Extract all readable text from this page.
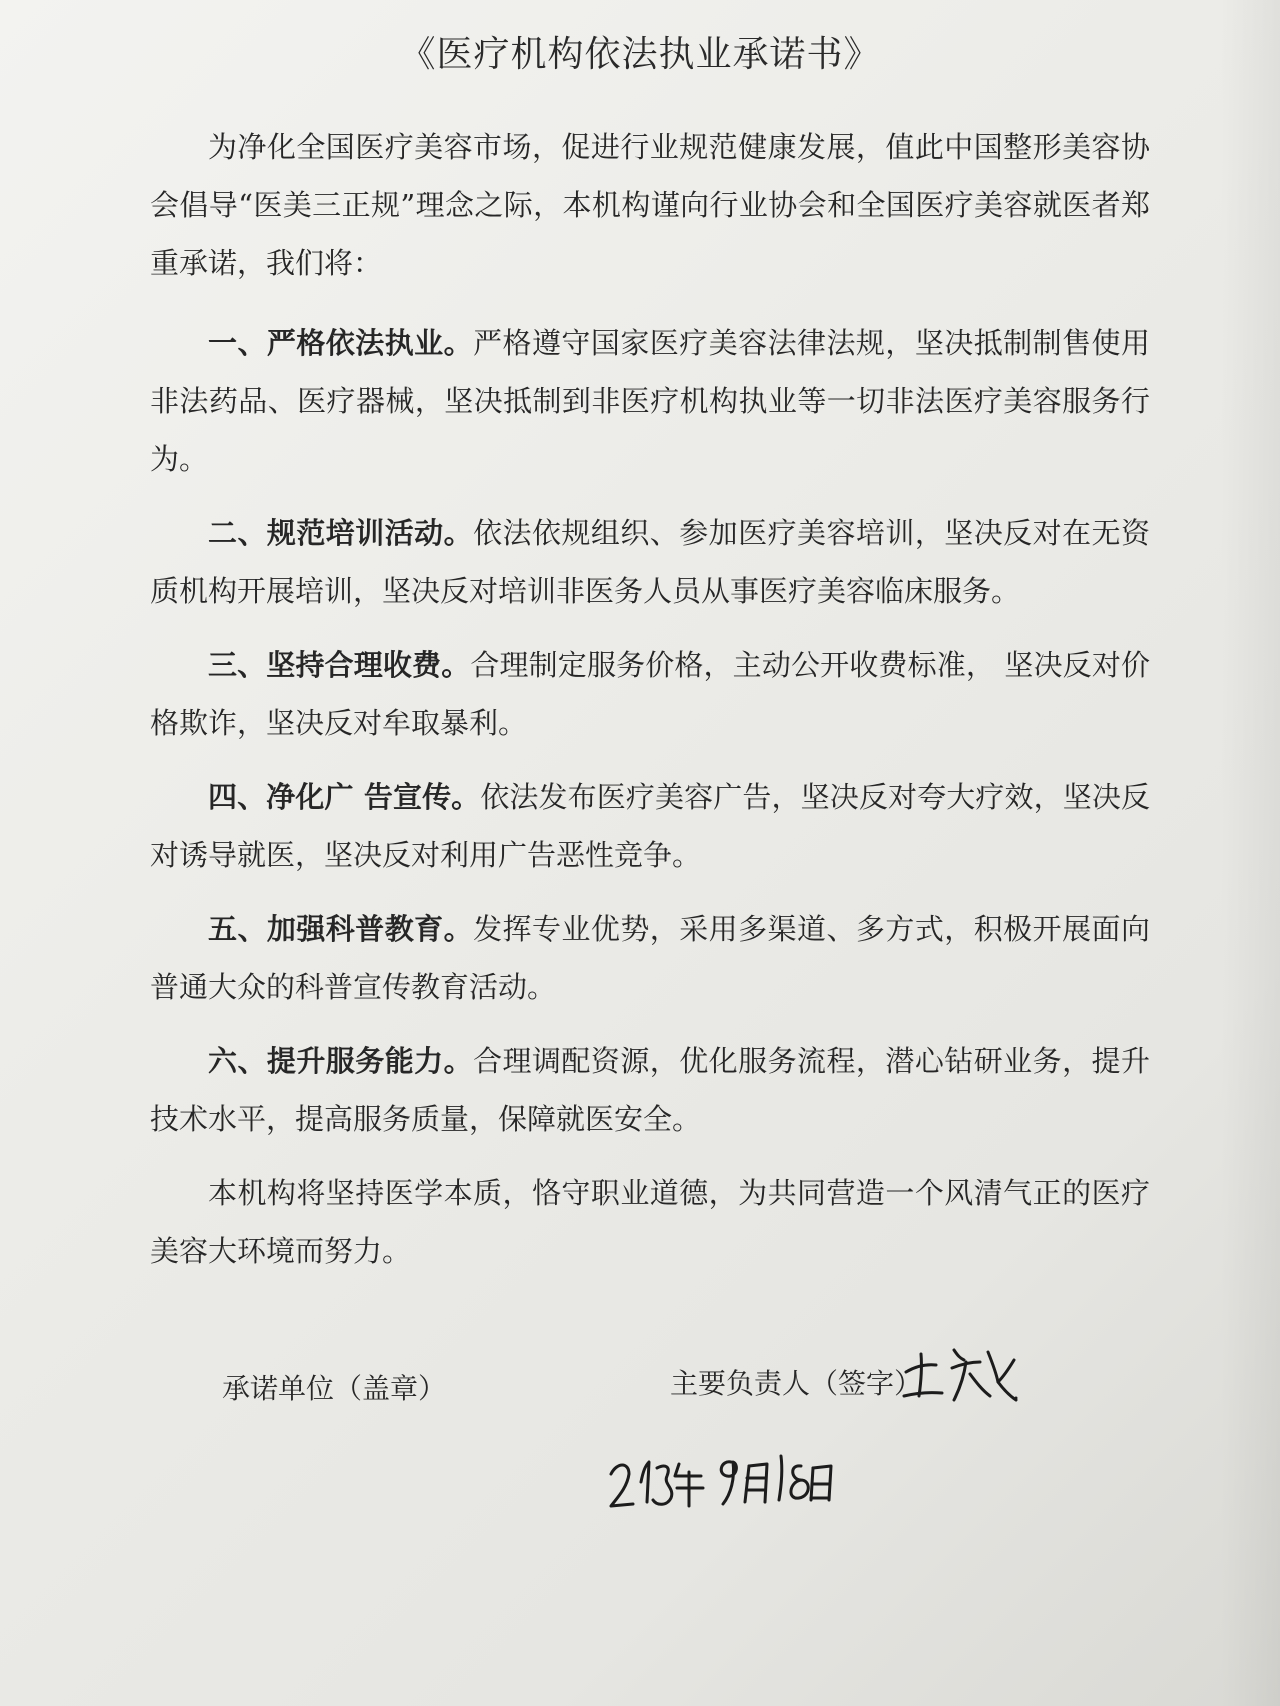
《医疗机构依法执业承诺书》

为净化全国医疗美容市场，促进行业规范健康发展，值此中国整形美容协会倡导“医美三正规”理念之际，本机构谨向行业协会和全国医疗美容就医者郑重承诺，我们将：

一、严格依法执业。严格遵守国家医疗美容法律法规，坚决抵制制售使用非法药品、医疗器械，坚决抵制到非医疗机构执业等一切非法医疗美容服务行为。

二、规范培训活动。依法依规组织、参加医疗美容培训，坚决反对在无资质机构开展培训，坚决反对培训非医务人员从事医疗美容临床服务。

三、坚持合理收费。合理制定服务价格，主动公开收费标准， 坚决反对价格欺诈，坚决反对牟取暴利。

四、净化广 告宣传。依法发布医疗美容广告，坚决反对夸大疗效，坚决反对诱导就医，坚决反对利用广告恶性竞争。

五、加强科普教育。发挥专业优势，采用多渠道、多方式，积极开展面向普通大众的科普宣传教育活动。

六、提升服务能力。合理调配资源，优化服务流程，潜心钻研业务，提升技术水平，提高服务质量，保障就医安全。

本机构将坚持医学本质，恪守职业道德，为共同营造一个风清气正的医疗美容大环境而努力。

承诺单位（盖章）	主要负责人（签字）
